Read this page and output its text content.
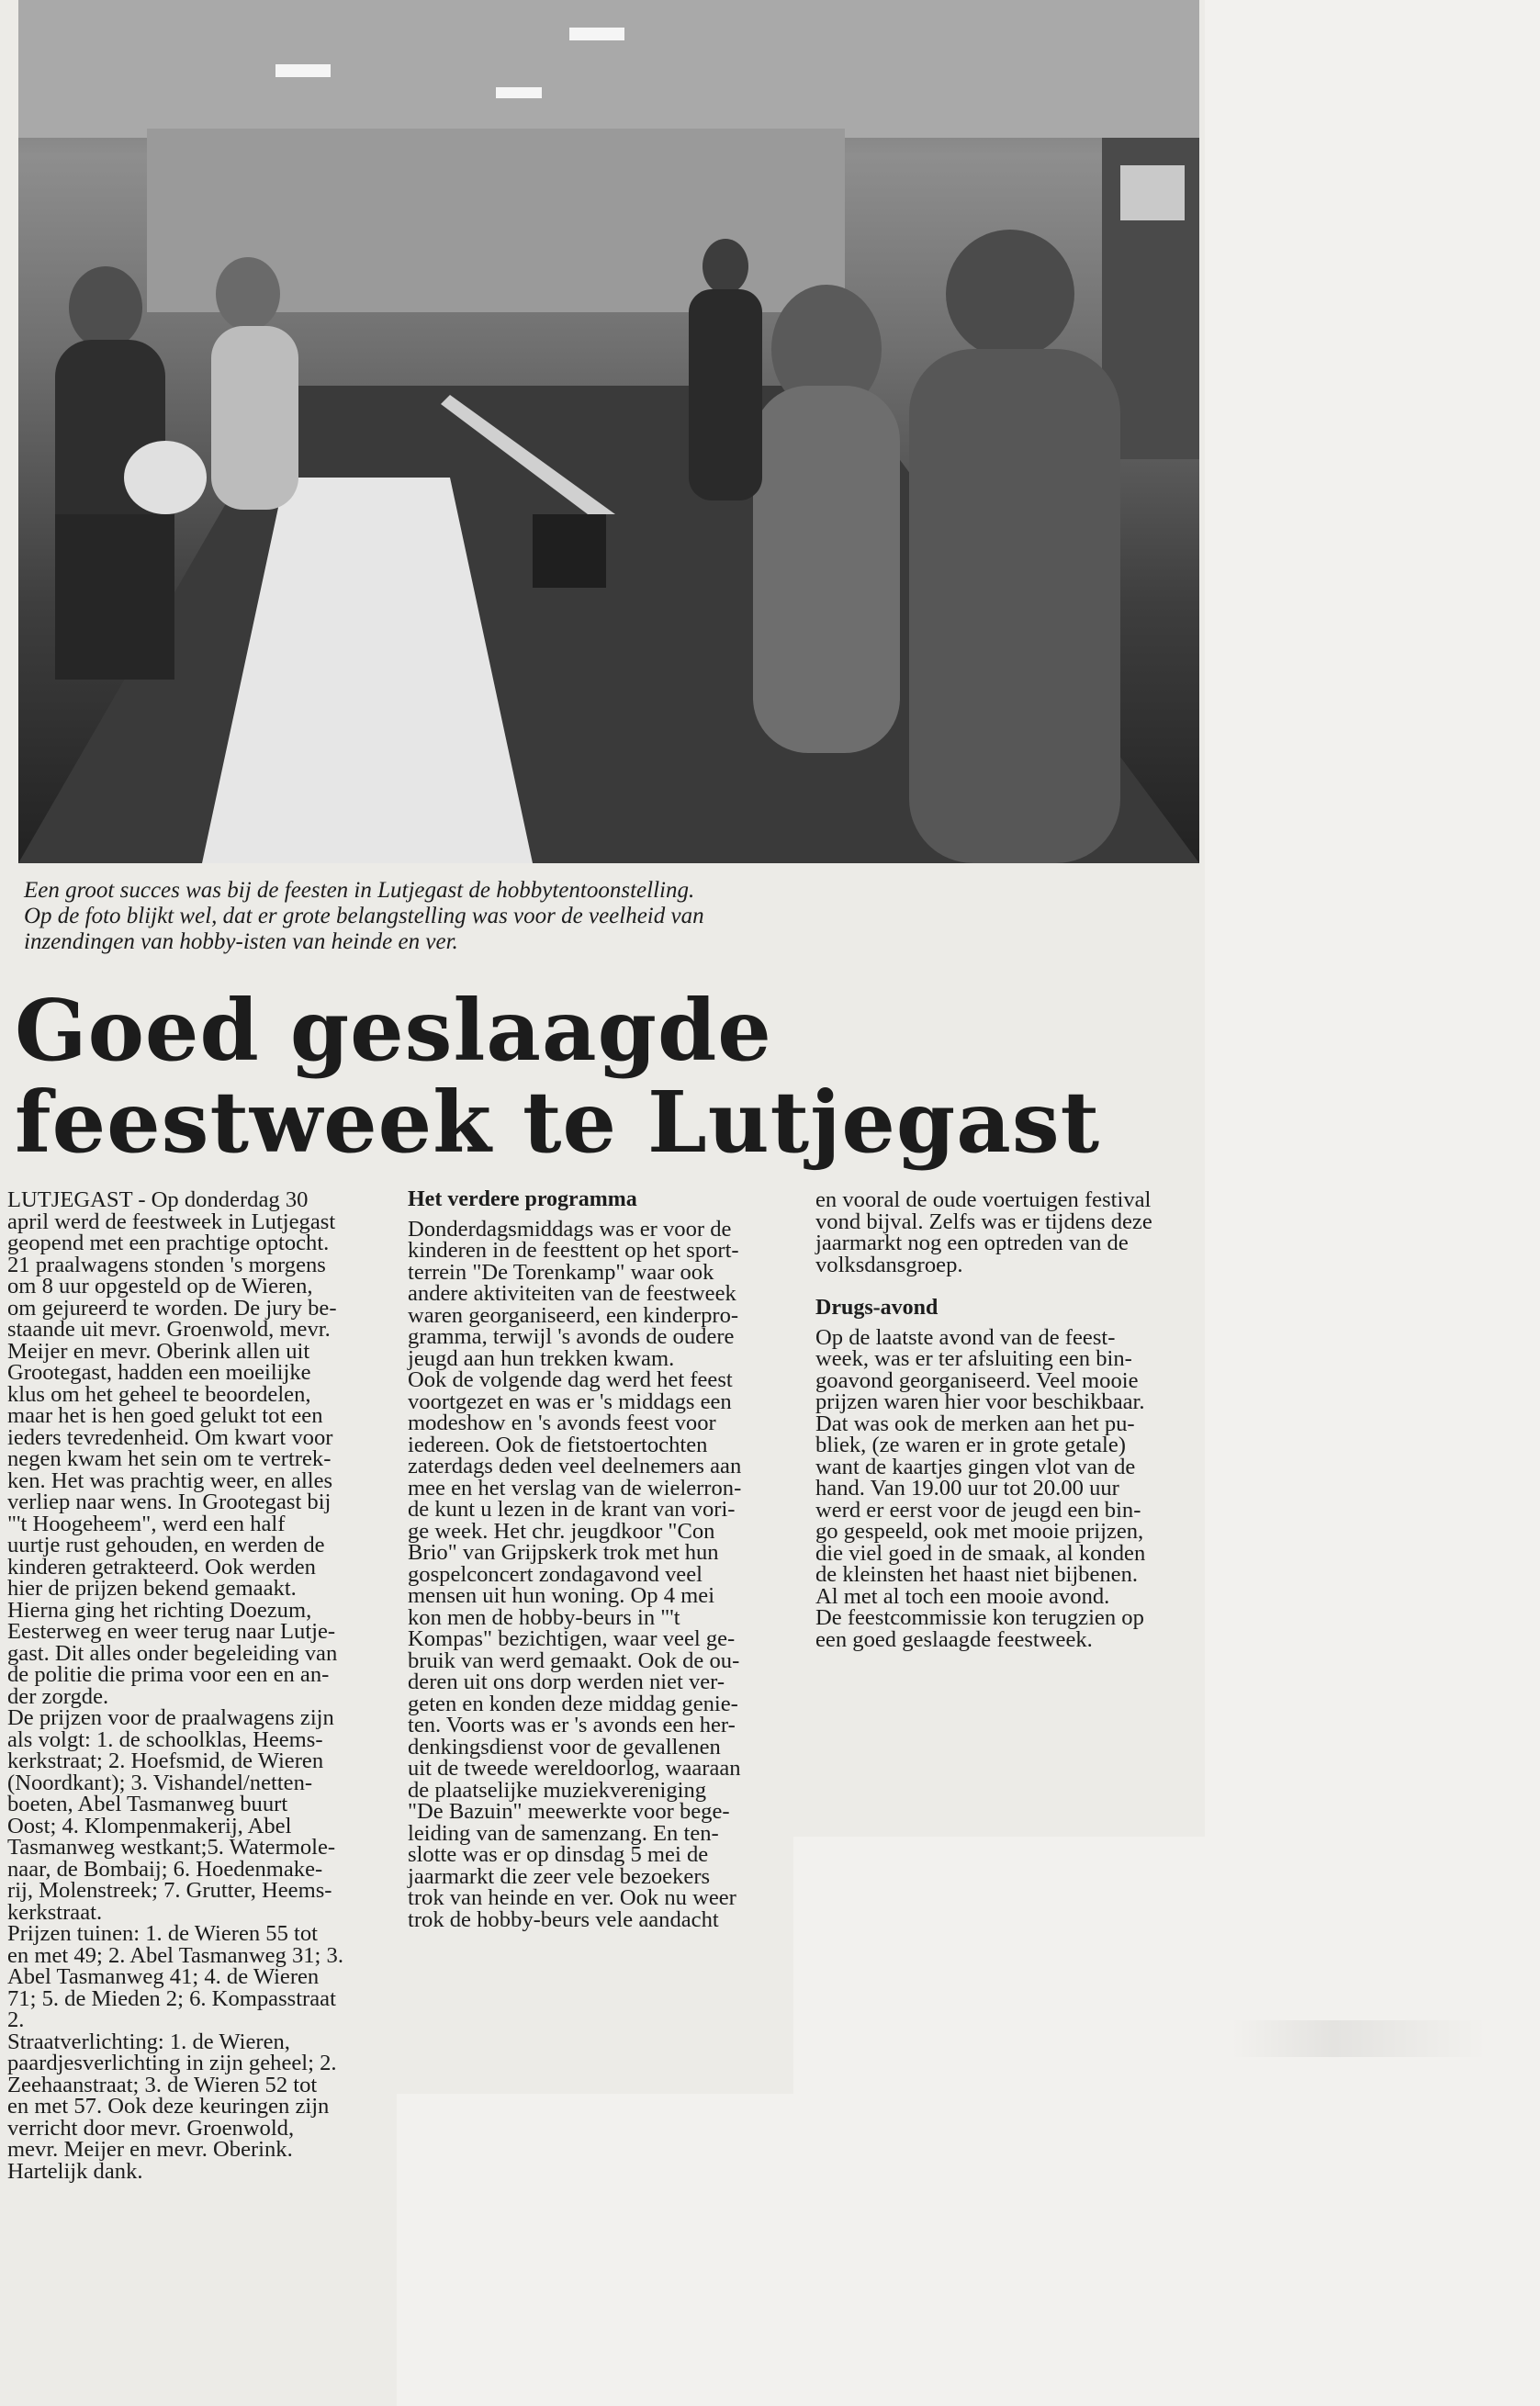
Een groot succes was bij de feesten in Lutjegast de hobbytentoonstelling.
Op de foto blijkt wel, dat er grote belangstelling was voor de veelheid van
inzendingen van hobby-isten van heinde en ver.
Goed geslaagde
feestweek te Lutjegast
LUTJEGAST - Op donderdag 30
april werd de feestweek in Lutjegast
geopend met een prachtige optocht.
21 praalwagens stonden 's morgens
om 8 uur opgesteld op de Wieren,
om gejureerd te worden. De jury be-
staande uit mevr. Groenwold, mevr.
Meijer en mevr. Oberink allen uit
Grootegast, hadden een moeilijke
klus om het geheel te beoordelen,
maar het is hen goed gelukt tot een
ieders tevredenheid. Om kwart voor
negen kwam het sein om te vertrek-
ken. Het was prachtig weer, en alles
verliep naar wens. In Grootegast bij
"'t Hoogeheem", werd een half
uurtje rust gehouden, en werden de
kinderen getrakteerd. Ook werden
hier de prijzen bekend gemaakt.
Hierna ging het richting Doezum,
Eesterweg en weer terug naar Lutje-
gast. Dit alles onder begeleiding van
de politie die prima voor een en an-
der zorgde.
De prijzen voor de praalwagens zijn
als volgt: 1. de schoolklas, Heems-
kerkstraat; 2. Hoefsmid, de Wieren
(Noordkant); 3. Vishandel/netten-
boeten, Abel Tasmanweg buurt
Oost; 4. Klompenmakerij, Abel
Tasmanweg westkant;5. Watermole-
naar, de Bombaij; 6. Hoedenmake-
rij, Molenstreek; 7. Grutter, Heems-
kerkstraat.
Prijzen tuinen: 1. de Wieren 55 tot
en met 49; 2. Abel Tasmanweg 31; 3.
Abel Tasmanweg 41; 4. de Wieren
71; 5. de Mieden 2; 6. Kompasstraat
2.
Straatverlichting: 1. de Wieren,
paardjesverlichting in zijn geheel; 2.
Zeehaanstraat; 3. de Wieren 52 tot
en met 57. Ook deze keuringen zijn
verricht door mevr. Groenwold,
mevr. Meijer en mevr. Oberink.
Hartelijk dank.
Het verdere programma
Donderdagsmiddags was er voor de
kinderen in de feesttent op het sport-
terrein "De Torenkamp" waar ook
andere aktiviteiten van de feestweek
waren georganiseerd, een kinderpro-
gramma, terwijl 's avonds de oudere
jeugd aan hun trekken kwam.
Ook de volgende dag werd het feest
voortgezet en was er 's middags een
modeshow en 's avonds feest voor
iedereen. Ook de fietstoertochten
zaterdags deden veel deelnemers aan
mee en het verslag van de wielerron-
de kunt u lezen in de krant van vori-
ge week. Het chr. jeugdkoor "Con
Brio" van Grijpskerk trok met hun
gospelconcert zondagavond veel
mensen uit hun woning. Op 4 mei
kon men de hobby-beurs in "'t
Kompas" bezichtigen, waar veel ge-
bruik van werd gemaakt. Ook de ou-
deren uit ons dorp werden niet ver-
geten en konden deze middag genie-
ten. Voorts was er 's avonds een her-
denkingsdienst voor de gevallenen
uit de tweede wereldoorlog, waaraan
de plaatselijke muziekvereniging
"De Bazuin" meewerkte voor bege-
leiding van de samenzang. En ten-
slotte was er op dinsdag 5 mei de
jaarmarkt die zeer vele bezoekers
trok van heinde en ver. Ook nu weer
trok de hobby-beurs vele aandacht
en vooral de oude voertuigen festival
vond bijval. Zelfs was er tijdens deze
jaarmarkt nog een optreden van de
volksdansgroep.
Drugs-avond
Op de laatste avond van de feest-
week, was er ter afsluiting een bin-
goavond georganiseerd. Veel mooie
prijzen waren hier voor beschikbaar.
Dat was ook de merken aan het pu-
bliek, (ze waren er in grote getale)
want de kaartjes gingen vlot van de
hand. Van 19.00 uur tot 20.00 uur
werd er eerst voor de jeugd een bin-
go gespeeld, ook met mooie prijzen,
die viel goed in de smaak, al konden
de kleinsten het haast niet bijbenen.
Al met al toch een mooie avond.
De feestcommissie kon terugzien op
een goed geslaagde feestweek.
